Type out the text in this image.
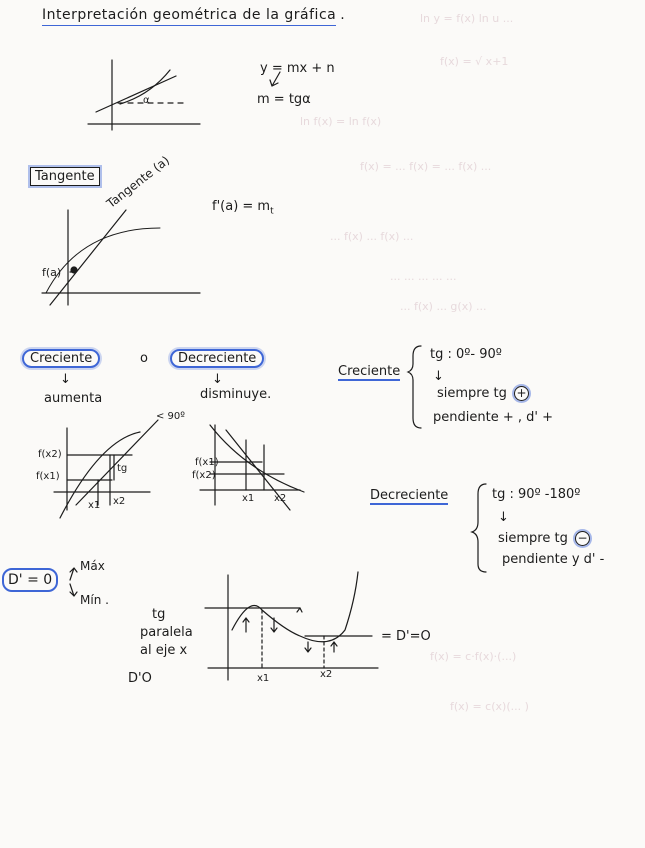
ln y = f(x) ln u ...
f(x) = √ x+1
ln f(x) = ln f(x)
f(x) = ... f(x) = ... f(x) ...
... f(x) ... f(x) ...
... ... ... ... ...
... f(x) ... g(x) ...
f(x) = c·f(x)·(...)
f(x) = c(x)(... )
Interpretación geométrica de la gráfica .
y = mx + n
m = tgα
α
Tangente Tangente (a)
f(a)
$f'(a) = m_t$
Creciente	o	Decreciente
↓	↓
aumenta	disminuye.
Creciente
tg : 0º- 90º
↓
siempre tg +
pendiente + , d' +
f(x2)
f(x1)
x1 x2
tg
< 90º
f(x1)
f(x2)
x1 x2	Decreciente	tg : 90º -180º
↓
siempre tg −
pendiente y d' -
D' = 0
Máx
Mín .
tg
paralela
al eje x
D'O
= D'=O
x1	x2
